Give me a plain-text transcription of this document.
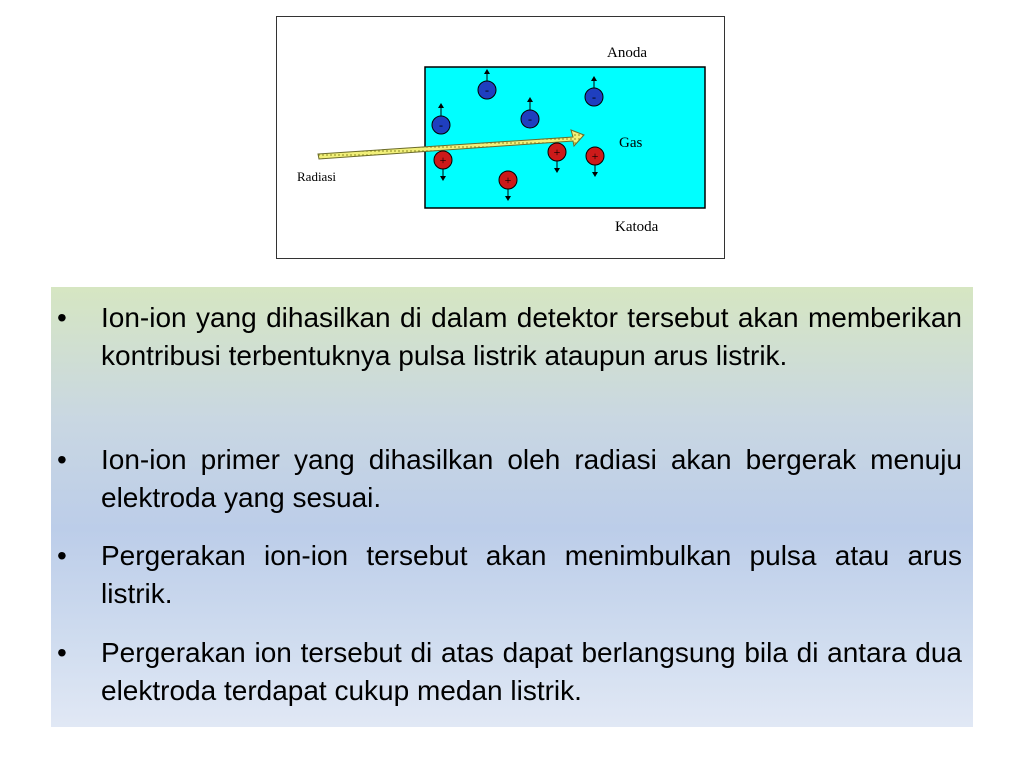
-	-
-
-
+
+	+
+
Anoda
Katoda
Gas
Radiasi
• Ion-ion yang dihasilkan di dalam detektor tersebut akan memberikan kontribusi terbentuknya pulsa listrik ataupun arus listrik.
• Ion-ion primer yang dihasilkan oleh radiasi akan bergerak menuju elektroda yang sesuai.
• Pergerakan ion-ion tersebut akan menimbulkan pulsa atau arus listrik.
• Pergerakan ion tersebut di atas dapat berlangsung bila di antara dua elektroda terdapat cukup medan listrik.
